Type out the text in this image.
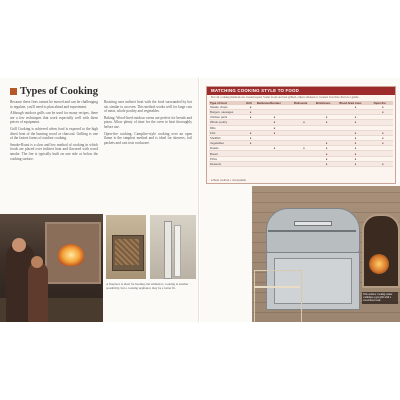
Types of Cooking

Because these fires cannot be moved and can be challenging to regulate, you'll need to plan ahead and experiment.

Although outdoor grills can be used for many recipes, there are a few techniques that work especially well with these pieces of equipment.

Grill Cooking is achieved when food is exposed to the high direct heat of the burning wood or charcoal. Grilling is one of the fastest forms of outdoor cooking.

Smoke-Roast is a slow and low method of cooking in which foods are placed over indirect heat and flavored with wood smoke. The fire is typically built on one side or below the cooking surface.

Roasting uses indirect heat with the food surrounded by hot air, similar to an oven. This method works well for large cuts of meat, whole poultry and vegetables.

Baking: Wood-fired outdoor ovens are perfect for breads and pizza. Allow plenty of time for the oven to heat thoroughly before use.

Open-fire cooking: Campfire-style cooking over an open flame is the simplest method and is ideal for skewers, foil packets and cast iron cookware.

A fireplace is ideal for heating and ambience; cooking is another possibility, but a cooking appliance may be a better fit.
MATCHING COOKING STYLE TO FOOD
Not all cooking methods are created equal. Some foods are best grilled, others smoked or roasted. Use this chart as a guide.
Type of food	Grill	Barbecue/Smoker	Rotisserie	Brick/oven	Wood-fired oven	Open fire
Steaks, chops	●				●	●
Burgers, sausages	●					●
Chicken parts	●	●		●	●	
Whole poultry		●	●	●	●	
Ribs		●				
Fish	●	●			●	●
Shellfish	●				●	●
Vegetables	●			●	●	●
Roasts		●	●	●	●	
Bread				●	●	
Pizza				●	●	
Desserts				●	●	●
● Best method ◐ Acceptable
This outdoor cooking center combines a gas grill with a wood-fired oven.
